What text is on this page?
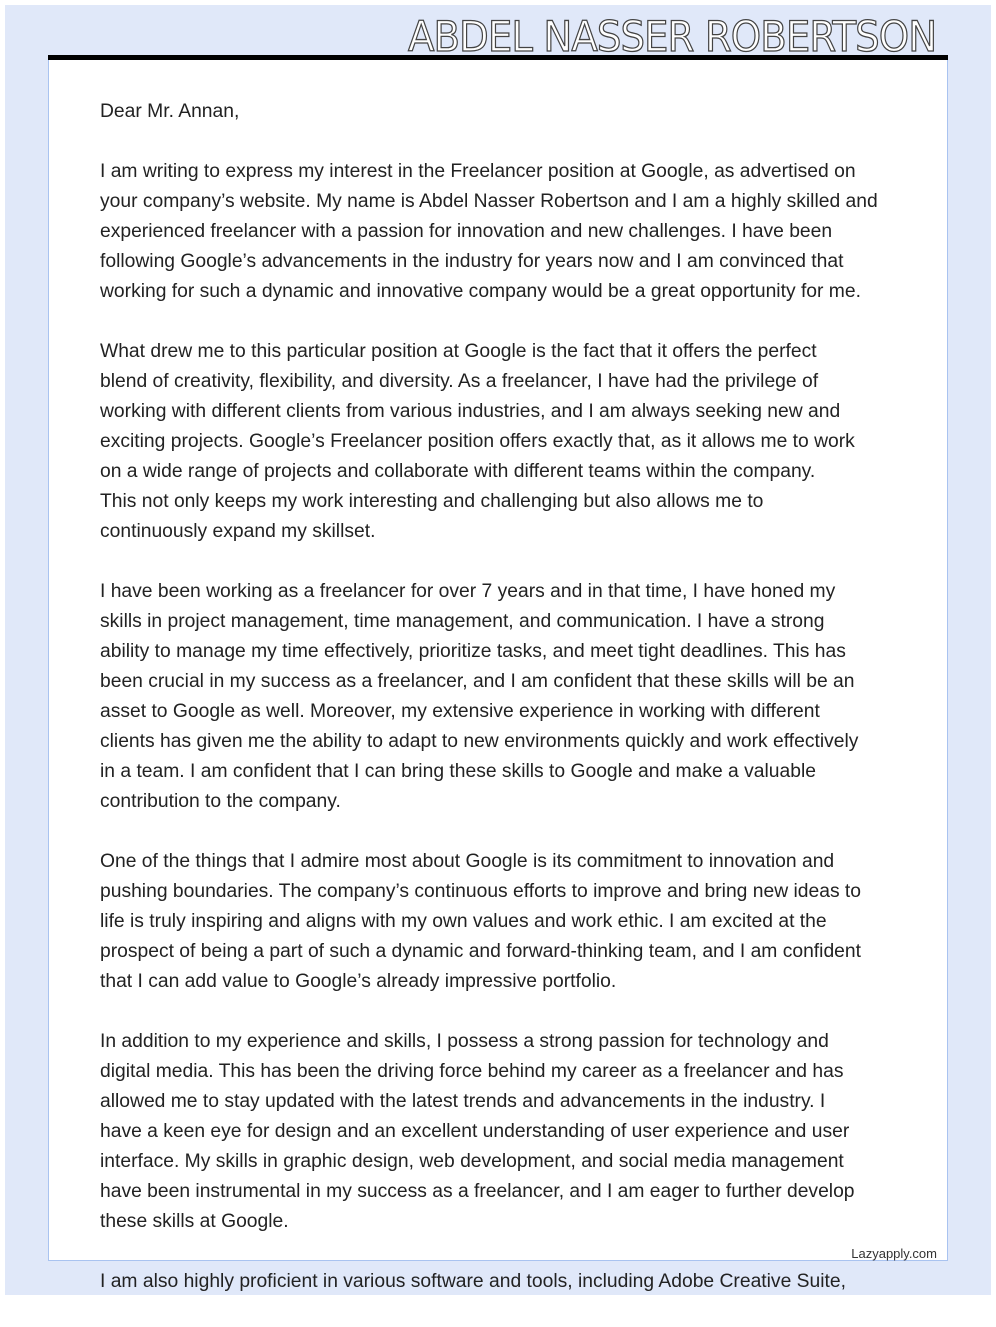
ABDEL NASSER ROBERTSON

Dear Mr. Annan,

I am writing to express my interest in the Freelancer position at Google, as advertised on
your company’s website. My name is Abdel Nasser Robertson and I am a highly skilled and
experienced freelancer with a passion for innovation and new challenges. I have been
following Google’s advancements in the industry for years now and I am convinced that
working for such a dynamic and innovative company would be a great opportunity for me.

What drew me to this particular position at Google is the fact that it offers the perfect
blend of creativity, flexibility, and diversity. As a freelancer, I have had the privilege of
working with different clients from various industries, and I am always seeking new and
exciting projects. Google’s Freelancer position offers exactly that, as it allows me to work
on a wide range of projects and collaborate with different teams within the company.
This not only keeps my work interesting and challenging but also allows me to
continuously expand my skillset.

I have been working as a freelancer for over 7 years and in that time, I have honed my
skills in project management, time management, and communication. I have a strong
ability to manage my time effectively, prioritize tasks, and meet tight deadlines. This has
been crucial in my success as a freelancer, and I am confident that these skills will be an
asset to Google as well. Moreover, my extensive experience in working with different
clients has given me the ability to adapt to new environments quickly and work effectively
in a team. I am confident that I can bring these skills to Google and make a valuable
contribution to the company.

One of the things that I admire most about Google is its commitment to innovation and
pushing boundaries. The company’s continuous efforts to improve and bring new ideas to
life is truly inspiring and aligns with my own values and work ethic. I am excited at the
prospect of being a part of such a dynamic and forward-thinking team, and I am confident
that I can add value to Google’s already impressive portfolio.

In addition to my experience and skills, I possess a strong passion for technology and
digital media. This has been the driving force behind my career as a freelancer and has
allowed me to stay updated with the latest trends and advancements in the industry. I
have a keen eye for design and an excellent understanding of user experience and user
interface. My skills in graphic design, web development, and social media management
have been instrumental in my success as a freelancer, and I am eager to further develop
these skills at Google.

I am also highly proficient in various software and tools, including Adobe Creative Suite,

Lazyapply.com
